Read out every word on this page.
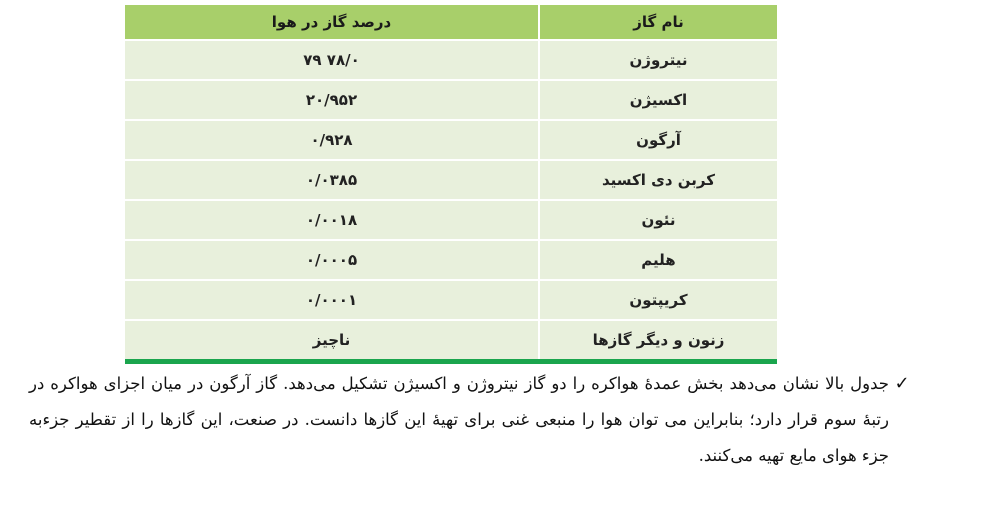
نام گاز	درصد گاز در هوا
نیتروژن	۷۸/۰ ۷۹
اکسیژن	۲۰/۹۵۲
آرگون	۰/۹۲۸
کربن دی اکسید	۰/۰۳۸۵
نئون	۰/۰۰۱۸
هلیم	۰/۰۰۰۵
کریپتون	۰/۰۰۰۱
زنون و دیگر گازها	ناچیز
✓

جدول بالا نشان می‌دهد بخش عمدهٔ هواکره را دو گاز نیتروژن و اکسیژن تشکیل می‌دهد. گاز آرگون در میان اجزای هواکره در رتبهٔ سوم قرار دارد؛ بنابراین می توان هوا را منبعی غنی برای تهیهٔ این گازها دانست. در صنعت، این گازها را از تقطیر جزءبه جزء هوای مایع تهیه می‌کنند.
